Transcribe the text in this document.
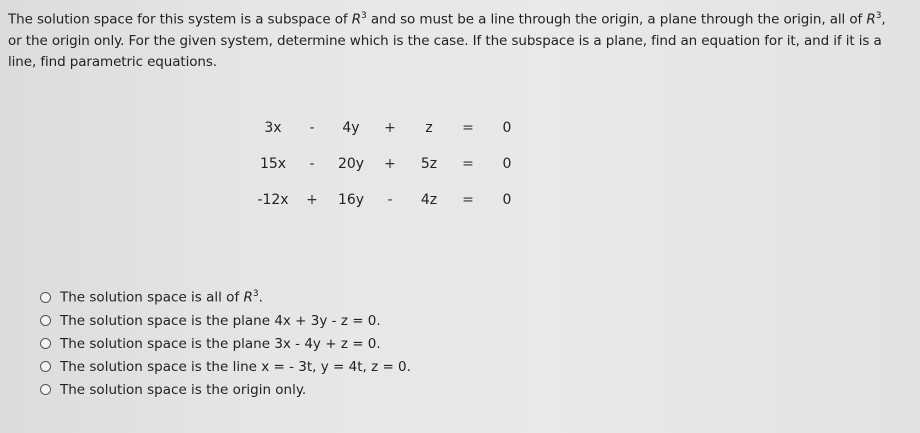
The solution space for this system is a subspace of $R^3$ and so must be a line through the origin, a plane through the origin, all of $R^3$, or the origin only. For the given system, determine which is the case. If the subspace is a plane, find an equation for it, and if it is a line, find parametric equations.
3x	-	4y	+	z	=	0
15x	-	20y	+	5z	=	0
-12x	+	16y	-	4z	=	0
The solution space is all of $R^3$.
The solution space is the plane 4x + 3y - z = 0.
The solution space is the plane 3x - 4y + z = 0.
The solution space is the line x = - 3t, y = 4t, z = 0.
The solution space is the origin only.
